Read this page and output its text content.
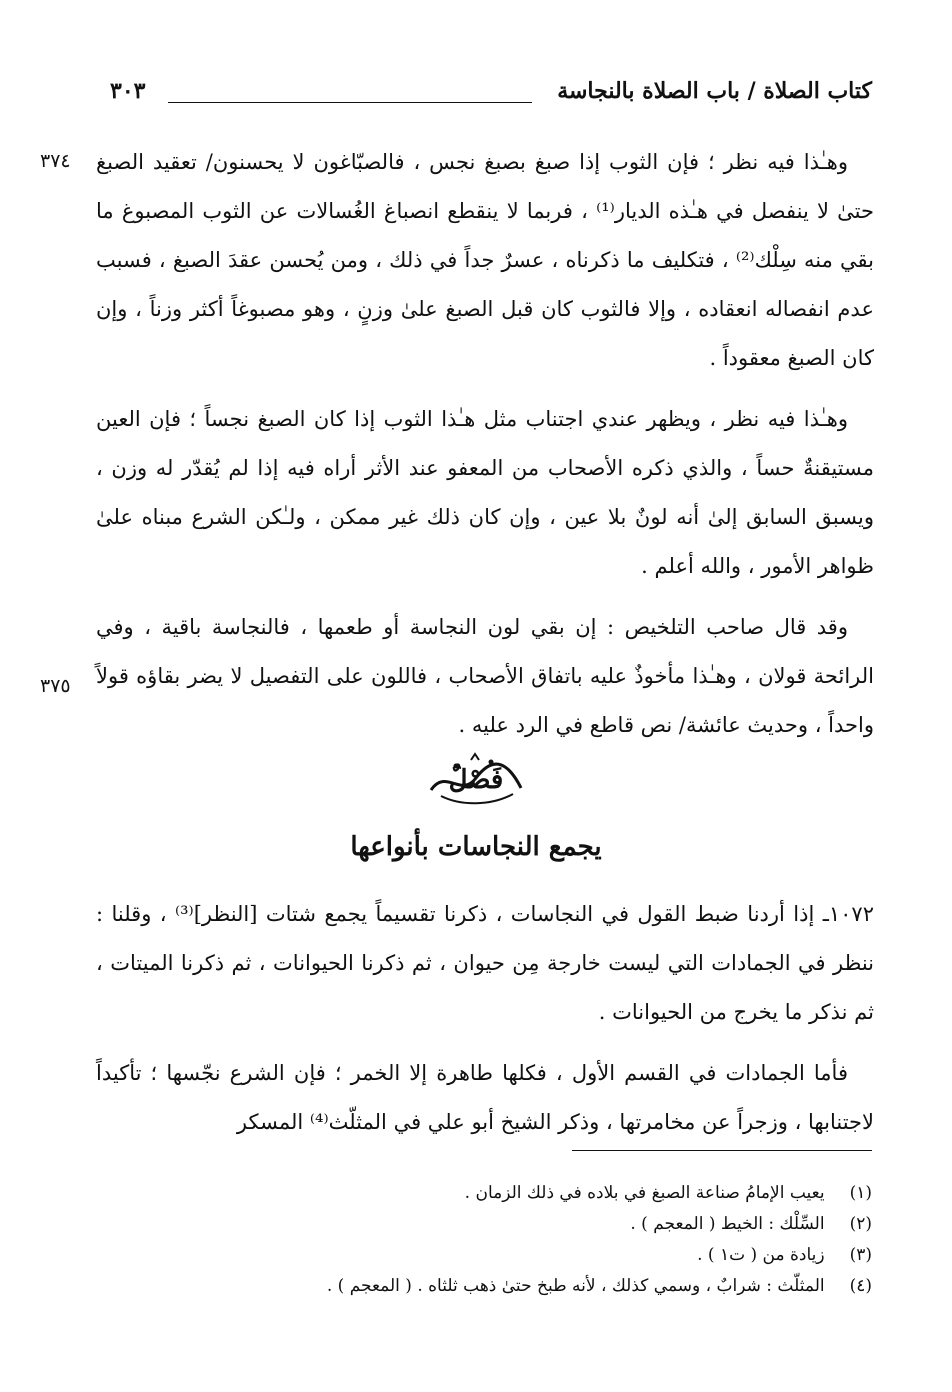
كتاب الصلاة / باب الصلاة بالنجاسة
٣٠٣
٣٧٤
٣٧٥

وهـٰذا فيه نظر ؛ فإن الثوب إذا صبغ بصبغ نجس ، فالصبّاغون لا يحسنون/ تعقيد الصبغ حتىٰ لا ينفصل في هـٰذه الديار⁽¹⁾ ، فربما لا ينقطع انصباغ الغُسالات عن الثوب المصبوغ ما بقي منه سِلْك⁽²⁾ ، فتكليف ما ذكرناه ، عسرٌ جداً في ذلك ، ومن يُحسن عقدَ الصبغ ، فسبب عدم انفصاله انعقاده ، وإلا فالثوب كان قبل الصبغ علىٰ وزنٍ ، وهو مصبوغاً أكثر وزناً ، وإن كان الصبغ معقوداً .

وهـٰذا فيه نظر ، ويظهر عندي اجتناب مثل هـٰذا الثوب إذا كان الصبغ نجساً ؛ فإن العين مستيقنةٌ حساً ، والذي ذكره الأصحاب من المعفو عند الأثر أراه فيه إذا لم يُقدّر له وزن ، ويسبق السابق إلىٰ أنه لونٌ بلا عين ، وإن كان ذلك غير ممكن ، ولـٰكن الشرع مبناه علىٰ ظواهر الأمور ، والله أعلم .

وقد قال صاحب التلخيص : إن بقي لون النجاسة أو طعمها ، فالنجاسة باقية ، وفي الرائحة قولان ، وهـٰذا مأخوذٌ عليه باتفاق الأصحاب ، فاللون على التفصيل لا يضر بقاؤه قولاً واحداً ، وحديث عائشة/ نص قاطع في الرد عليه .

فَصْلٌ
يجمع النجاسات بأنواعها

١٠٧٢ـ إذا أردنا ضبط القول في النجاسات ، ذكرنا تقسيماً يجمع شتات [النظر]⁽³⁾ ، وقلنا : ننظر في الجمادات التي ليست خارجة مِن حيوان ، ثم ذكرنا الحيوانات ، ثم ذكرنا الميتات ، ثم نذكر ما يخرج من الحيوانات .

فأما الجمادات في القسم الأول ، فكلها طاهرة إلا الخمر ؛ فإن الشرع نجّسها ؛ تأكيداً لاجتنابها ، وزجراً عن مخامرتها ، وذكر الشيخ أبو علي في المثلّث⁽⁴⁾ المسكر

(١) يعيب الإمامُ صناعة الصبغ في بلاده في ذلك الزمان .
(٢) السِّلْك : الخيط ( المعجم ) .
(٣) زيادة من ( ت١ ) .
(٤) المثلّث : شرابٌ ، وسمي كذلك ، لأنه طبخ حتىٰ ذهب ثلثاه . ( المعجم ) .
